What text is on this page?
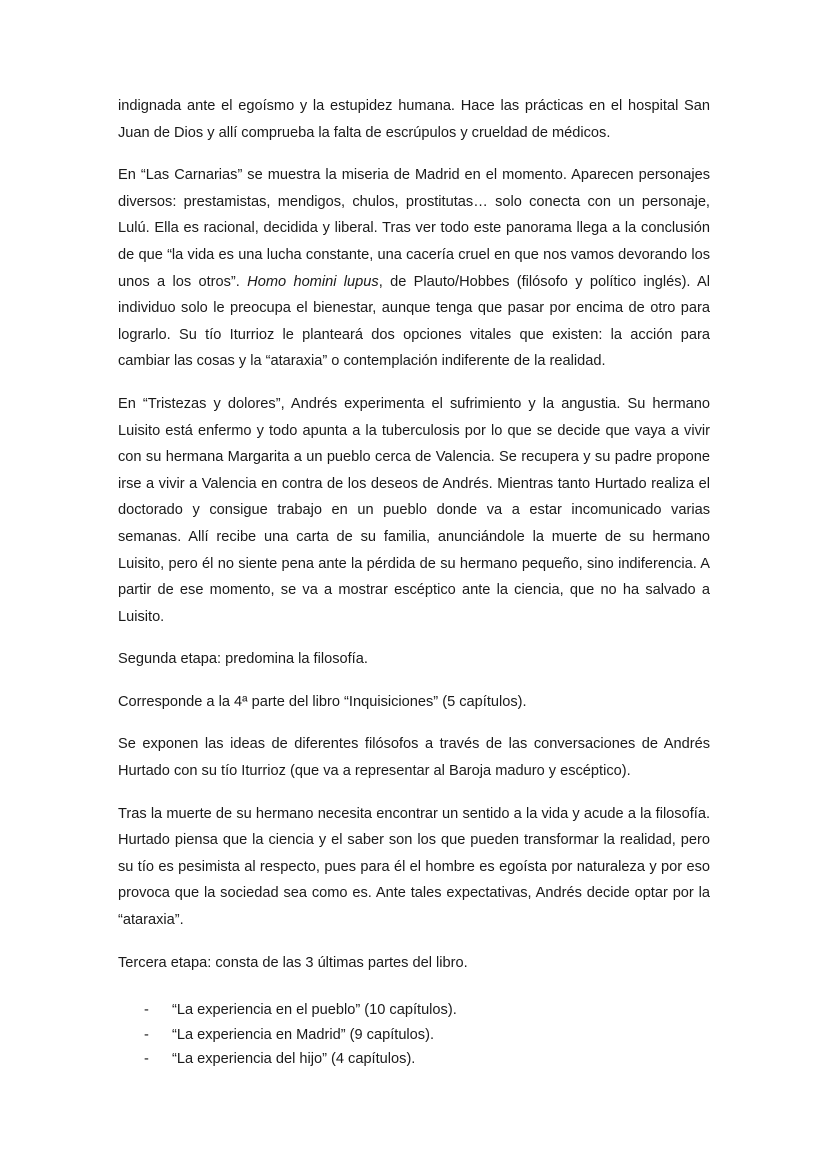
indignada ante el egoísmo y la estupidez humana. Hace las prácticas en el hospital San Juan de Dios y allí comprueba la falta de escrúpulos y crueldad de médicos.

En “Las Carnarias” se muestra la miseria de Madrid en el momento. Aparecen personajes diversos: prestamistas, mendigos, chulos, prostitutas… solo conecta con un personaje, Lulú. Ella es racional, decidida y liberal. Tras ver todo este panorama llega a la conclusión de que “la vida es una lucha constante, una cacería cruel en que nos vamos devorando los unos a los otros”. Homo homini lupus, de Plauto/Hobbes (filósofo y político inglés). Al individuo solo le preocupa el bienestar, aunque tenga que pasar por encima de otro para lograrlo. Su tío Iturrioz le planteará dos opciones vitales que existen: la acción para cambiar las cosas y la “ataraxia” o contemplación indiferente de la realidad.

En “Tristezas y dolores”, Andrés experimenta el sufrimiento y la angustia. Su hermano Luisito está enfermo y todo apunta a la tuberculosis por lo que se decide que vaya a vivir con su hermana Margarita a un pueblo cerca de Valencia. Se recupera y su padre propone irse a vivir a Valencia en contra de los deseos de Andrés. Mientras tanto Hurtado realiza el doctorado y consigue trabajo en un pueblo donde va a estar incomunicado varias semanas. Allí recibe una carta de su familia, anunciándole la muerte de su hermano Luisito, pero él no siente pena ante la pérdida de su hermano pequeño, sino indiferencia. A partir de ese momento, se va a mostrar escéptico ante la ciencia, que no ha salvado a Luisito.

Segunda etapa: predomina la filosofía.

Corresponde a la 4ª parte del libro “Inquisiciones” (5 capítulos).

Se exponen las ideas de diferentes filósofos a través de las conversaciones de Andrés Hurtado con su tío Iturrioz (que va a representar al Baroja maduro y escéptico).

Tras la muerte de su hermano necesita encontrar un sentido a la vida y acude a la filosofía. Hurtado piensa que la ciencia y el saber son los que pueden transformar la realidad, pero su tío es pesimista al respecto, pues para él el hombre es egoísta por naturaleza y por eso provoca que la sociedad sea como es. Ante tales expectativas, Andrés decide optar por la “ataraxia”.

Tercera etapa: consta de las 3 últimas partes del libro.

- “La experiencia en el pueblo” (10 capítulos).
- “La experiencia en Madrid” (9 capítulos).
- “La experiencia del hijo” (4 capítulos).
